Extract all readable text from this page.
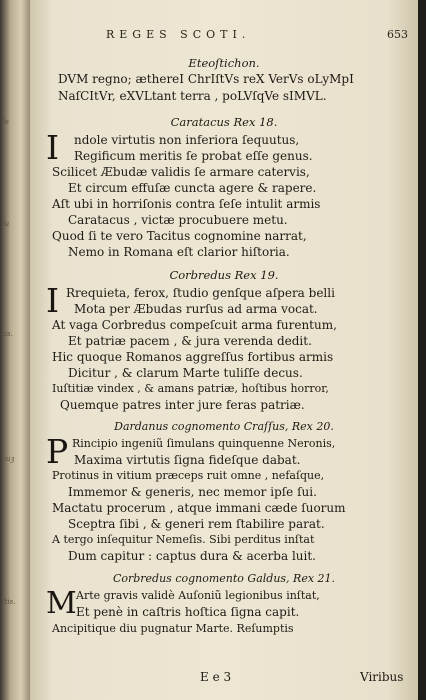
ſe
ſu
tis.
cuꝫ
ſtis.
REGES SCOTI.	653
Eteoſtichon.
DVM regno; æthereI ChrIſtVs reX VerVs oLyMpI
NaſCItVr, eXVLtant terra , poLVſqVe sIMVL.
Caratacus Rex 18.
I ndole virtutis non inferiora ſequutus,
Regificum meritis ſe probat eſſe genus.
Scilicet Æbudæ validis ſe armare catervis,
Et circum effuſæ cuncta agere & rapere.
Aſt ubi in horriſonis contra ſeſe intulit armis
Caratacus , victæ procubuere metu.
Quod ſi te vero Tacitus cognomine narrat,
Nemo in Romana eſt clarior hiſtoria.
Corbredus Rex 19.
I Rrequieta, ferox, ſtudio genſque aſpera belli
Mota per Æbudas rurſus ad arma vocat.
At vaga Corbredus compeſcuit arma furentum,
Et patriæ pacem , & jura verenda dedit.
Hic quoque Romanos aggreſſus fortibus armis
Dicitur , & clarum Marte tuliſſe decus.
Iuſtitiæ vindex , & amans patriæ, hoſtibus horror,
Quemque patres inter jure feras patriæ.
Dardanus cognomento Craſſus, Rex 20.
P Rincipio ingeniũ ſimulans quinquenne Neronis,
Maxima virtutis ſigna fideſque dabat.
Protinus in vitium præceps ruit omne , nefaſque,
Immemor & generis, nec memor ipſe ſui.
Mactatu procerum , atque immani cæde ſuorum
Sceptra ſibi , & generi rem ſtabilire parat.
A tergo inſequitur Nemeſis. Sibi perditus inſtat
Dum capitur : captus dura & acerba luit.
Corbredus cognomento Galdus, Rex 21.
M Arte gravis validè Auſoniũ legionibus inſtat,
Et penè in caſtris hoſtica ſigna capit.
Ancipitique diu pugnatur Marte. Reſumptis
E e 3	Viribus
